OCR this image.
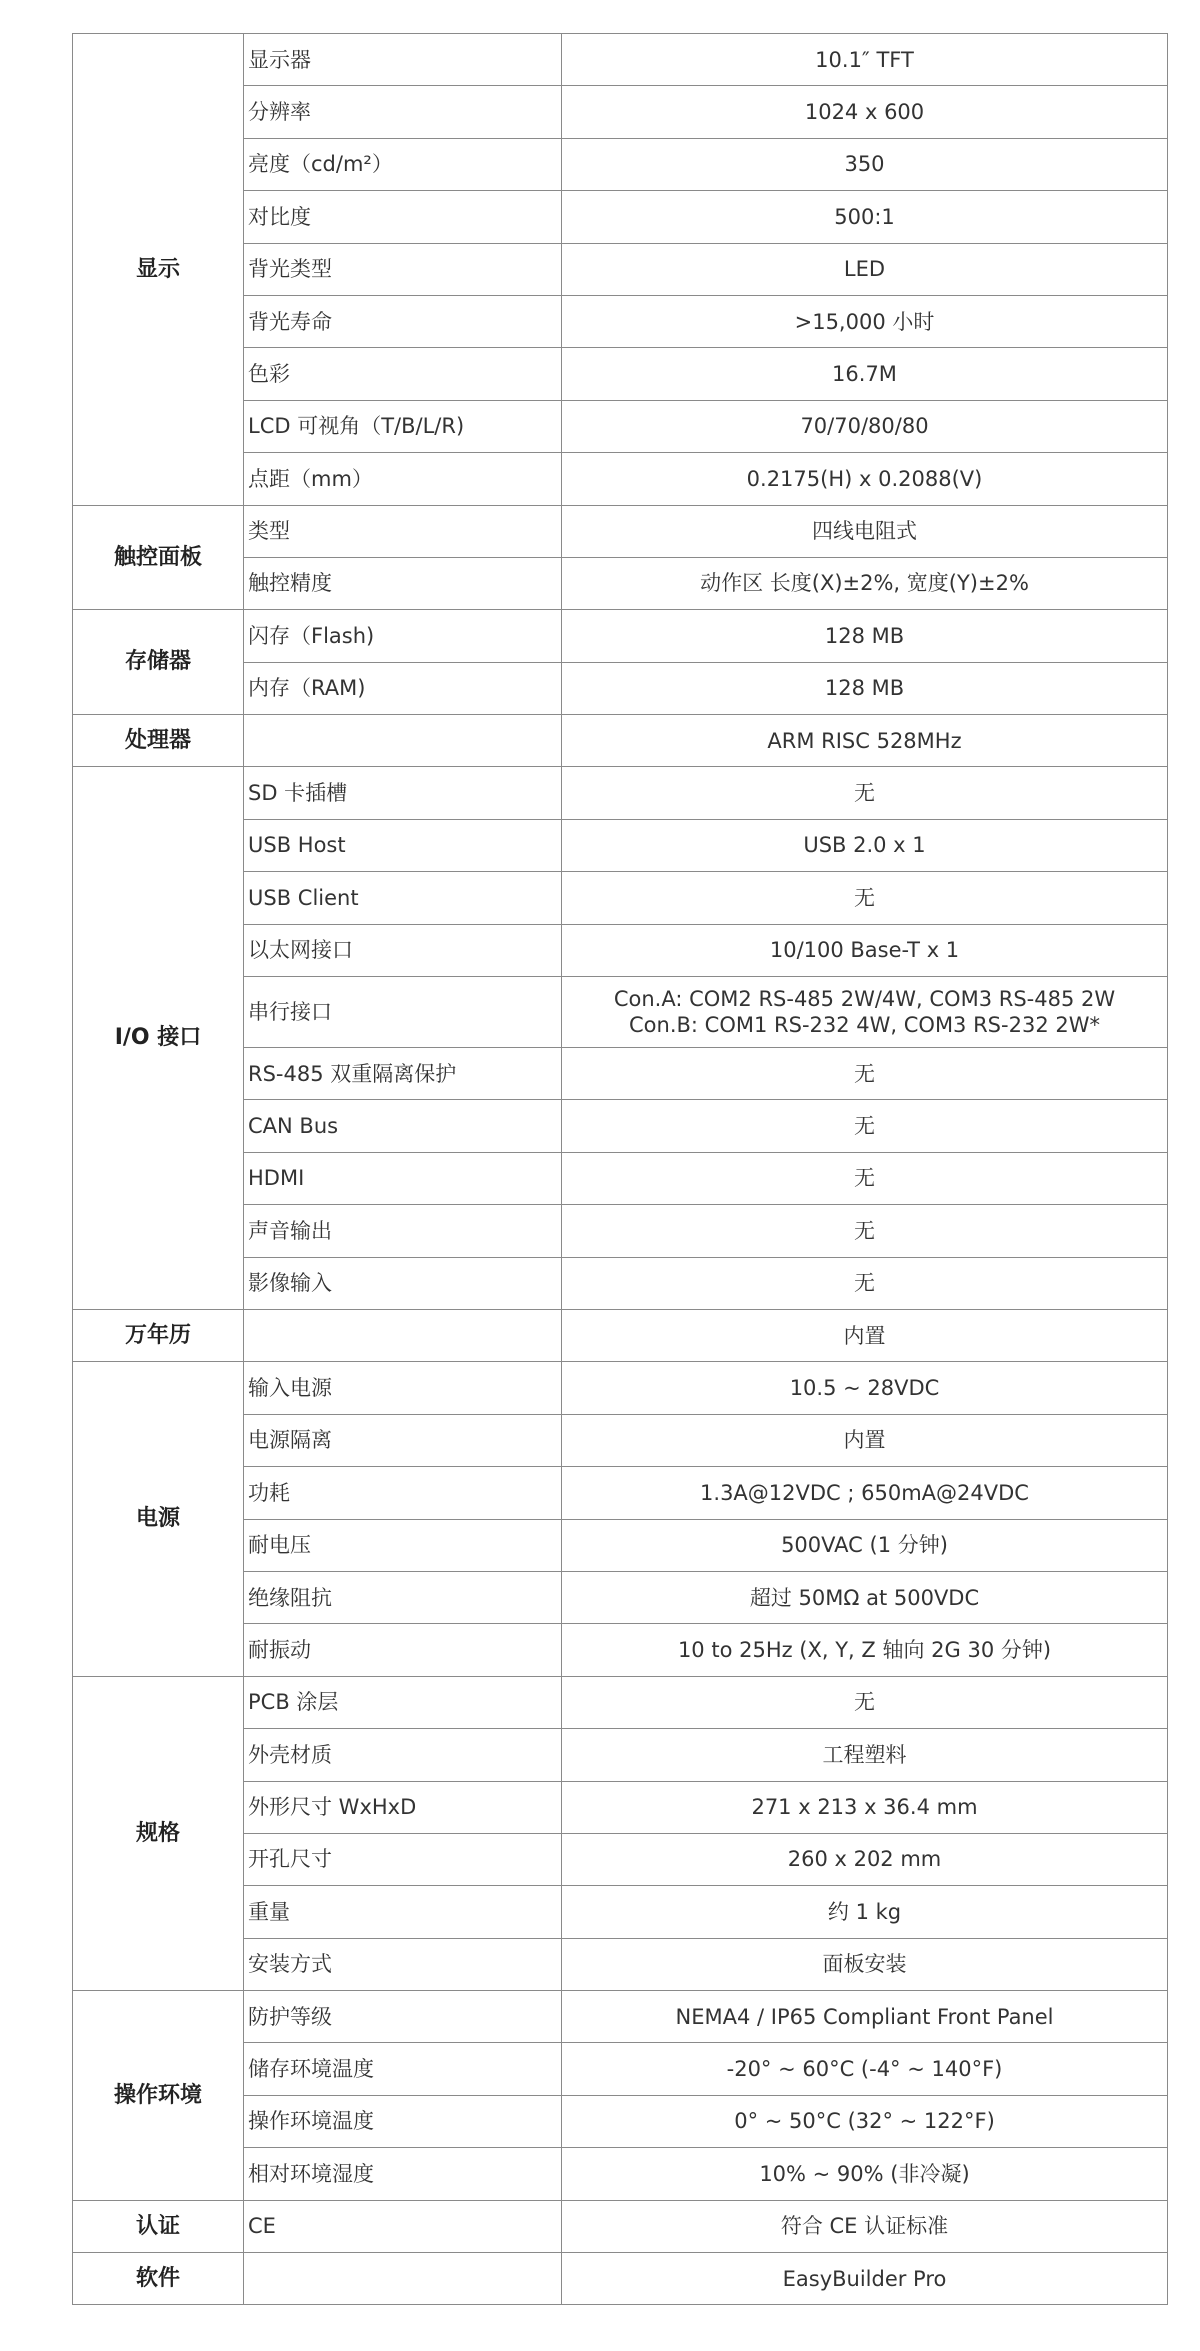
显示	显示器	10.1″ TFT
	分辨率	1024 x 600
	亮度（cd/m²）	350
	对比度	500:1
	背光类型	LED
	背光寿命	>15,000 小时
	色彩	16.7M
	LCD 可视角（T/B/L/R)	70/70/80/80
	点距（mm）	0.2175(H) x 0.2088(V)
触控面板	类型	四线电阻式
	触控精度	动作区 长度(X)±2%, 宽度(Y)±2%
存储器	闪存（Flash)	128 MB
	内存（RAM)	128 MB
处理器		ARM RISC 528MHz
I/O 接口	SD 卡插槽	无
	USB Host	USB 2.0 x 1
	USB Client	无
	以太网接口	10/100 Base-T x 1
	串行接口	Con.A: COM2 RS-485 2W/4W, COM3 RS-485 2W
Con.B: COM1 RS-232 4W, COM3 RS-232 2W*

	RS-485 双重隔离保护	无
	CAN Bus	无
	HDMI	无
	声音输出	无
	影像输入	无
万年历		内置
电源	输入电源	10.5 ~ 28VDC
	电源隔离	内置
	功耗	1.3A@12VDC ; 650mA@24VDC
	耐电压	500VAC (1 分钟)
	绝缘阻抗	超过 50MΩ at 500VDC
	耐振动	10 to 25Hz (X, Y, Z 轴向 2G 30 分钟)
规格	PCB 涂层	无
	外壳材质	工程塑料
	外形尺寸 WxHxD	271 x 213 x 36.4 mm
	开孔尺寸	260 x 202 mm
	重量	约 1 kg
	安装方式	面板安装
操作环境	防护等级	NEMA4 / IP65 Compliant Front Panel
	储存环境温度	-20° ~ 60°C (-4° ~ 140°F)
	操作环境温度	0° ~ 50°C (32° ~ 122°F)
	相对环境湿度	10% ~ 90% (非冷凝)
认证	CE	符合 CE 认证标准
软件		EasyBuilder Pro
